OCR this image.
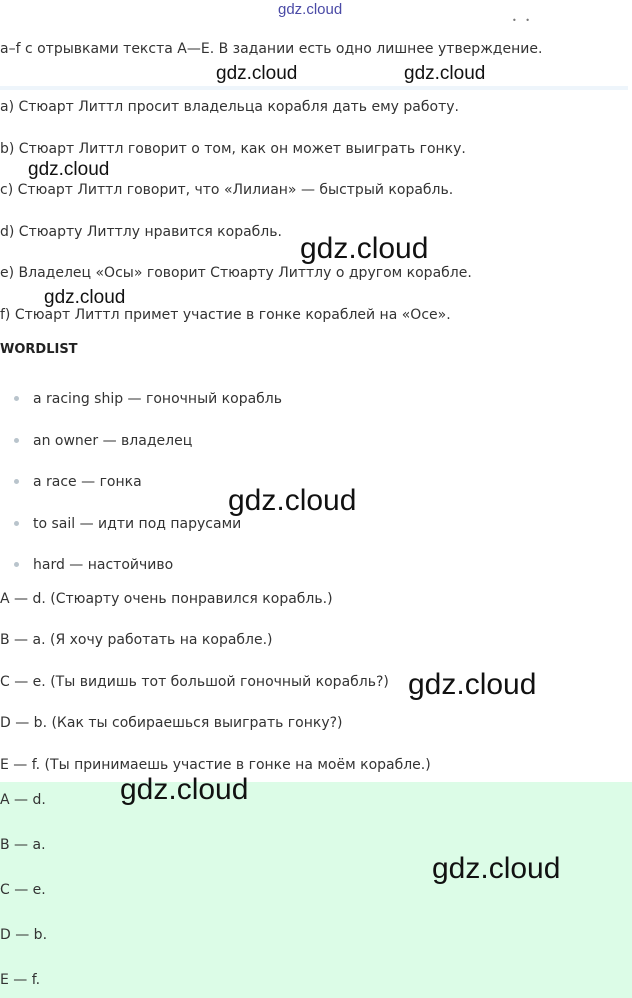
gdz.cloud
• •
a–f с отрывками текста A—E. В задании есть одно лишнее утверждение.
a) Стюарт Литтл просит владельца корабля дать ему работу.
b) Стюарт Литтл говорит о том, как он может выиграть гонку.
c) Стюарт Литтл говорит, что «Лилиан» — быстрый корабль.
d) Стюарту Литтлу нравится корабль.
e) Владелец «Осы» говорит Стюарту Литтлу о другом корабле.
f) Стюарт Литтл примет участие в гонке кораблей на «Осе».
WORDLIST
a racing ship — гоночный корабль
an owner — владелец
a race — гонка
to sail — идти под парусами
hard — настойчиво
A — d. (Стюарту очень понравился корабль.)
B — a. (Я хочу работать на корабле.)
C — e. (Ты видишь тот большой гоночный корабль?)
D — b. (Как ты собираешься выиграть гонку?)
E — f. (Ты принимаешь участие в гонке на моём корабле.)
A — d.
B — a.
C — e.
D — b.
E — f.
gdz.cloud	gdz.cloud
gdz.cloud
gdz.cloud
gdz.cloud
gdz.cloud
gdz.cloud
gdz.cloud
gdz.cloud
